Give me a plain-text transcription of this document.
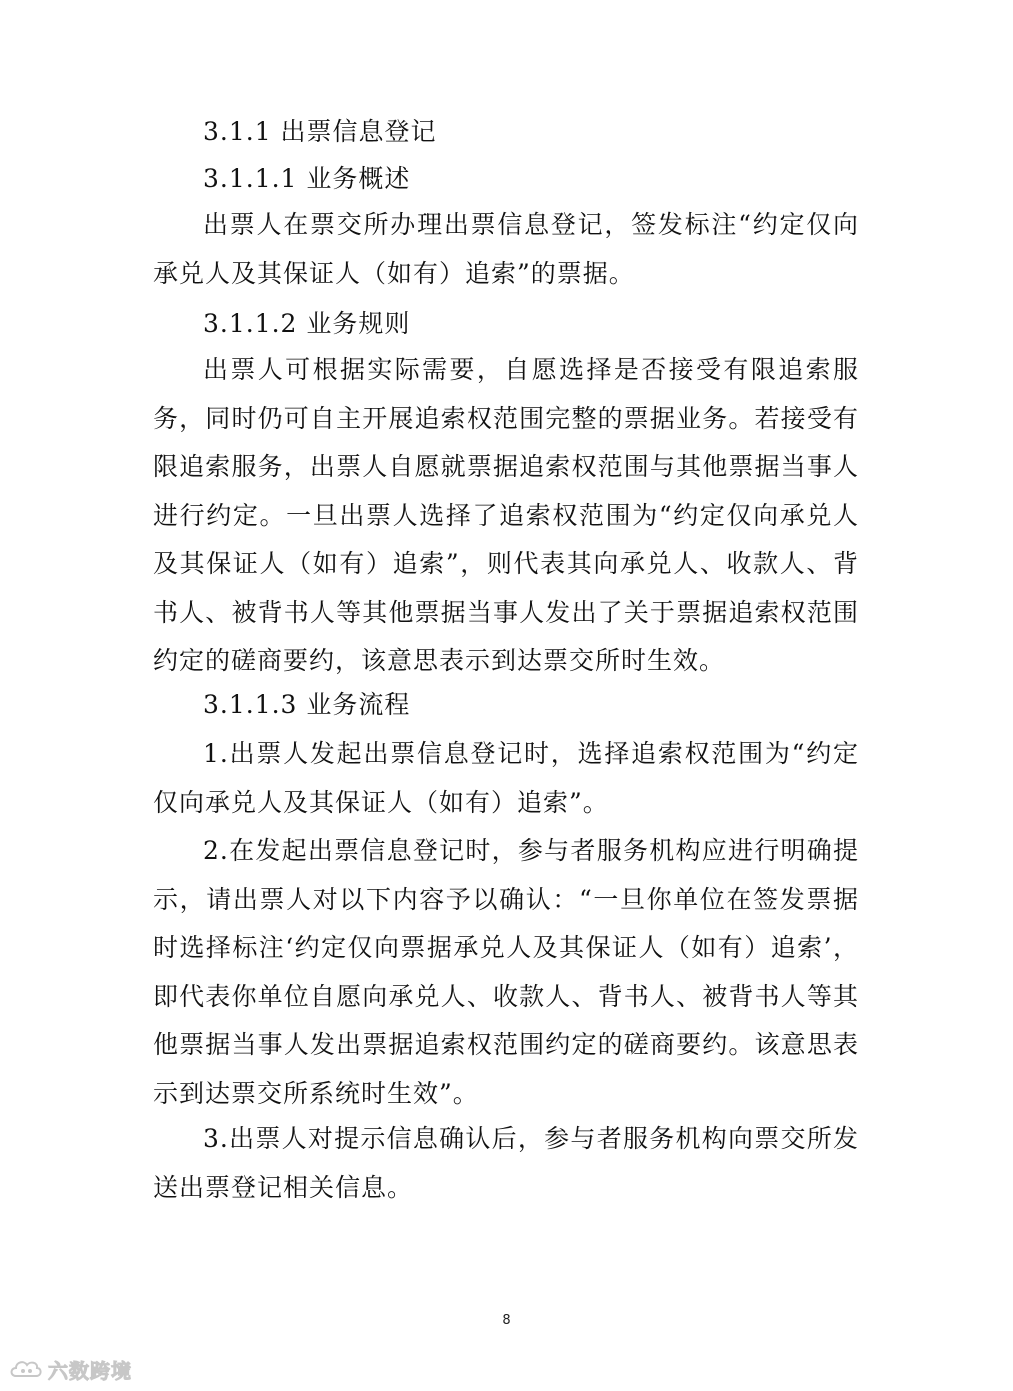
3.1.1 出票信息登记
3.1.1.1 业务概述
出票人在票交所办理出票信息登记，签发标注“约定仅向承兑人及其保证人（如有）追索”的票据。
3.1.1.2 业务规则
出票人可根据实际需要，自愿选择是否接受有限追索服务，同时仍可自主开展追索权范围完整的票据业务。若接受有限追索服务，出票人自愿就票据追索权范围与其他票据当事人进行约定。一旦出票人选择了追索权范围为“约定仅向承兑人及其保证人（如有）追索”，则代表其向承兑人、收款人、背书人、被背书人等其他票据当事人发出了关于票据追索权范围约定的磋商要约，该意思表示到达票交所时生效。
3.1.1.3 业务流程
1.出票人发起出票信息登记时，选择追索权范围为“约定仅向承兑人及其保证人（如有）追索”。
2.在发起出票信息登记时，参与者服务机构应进行明确提示，请出票人对以下内容予以确认：“一旦你单位在签发票据时选择标注‘约定仅向票据承兑人及其保证人（如有）追索’，即代表你单位自愿向承兑人、收款人、背书人、被背书人等其他票据当事人发出票据追索权范围约定的磋商要约。该意思表示到达票交所系统时生效”。
3.出票人对提示信息确认后，参与者服务机构向票交所发送出票登记相关信息。
8
六数跨境
